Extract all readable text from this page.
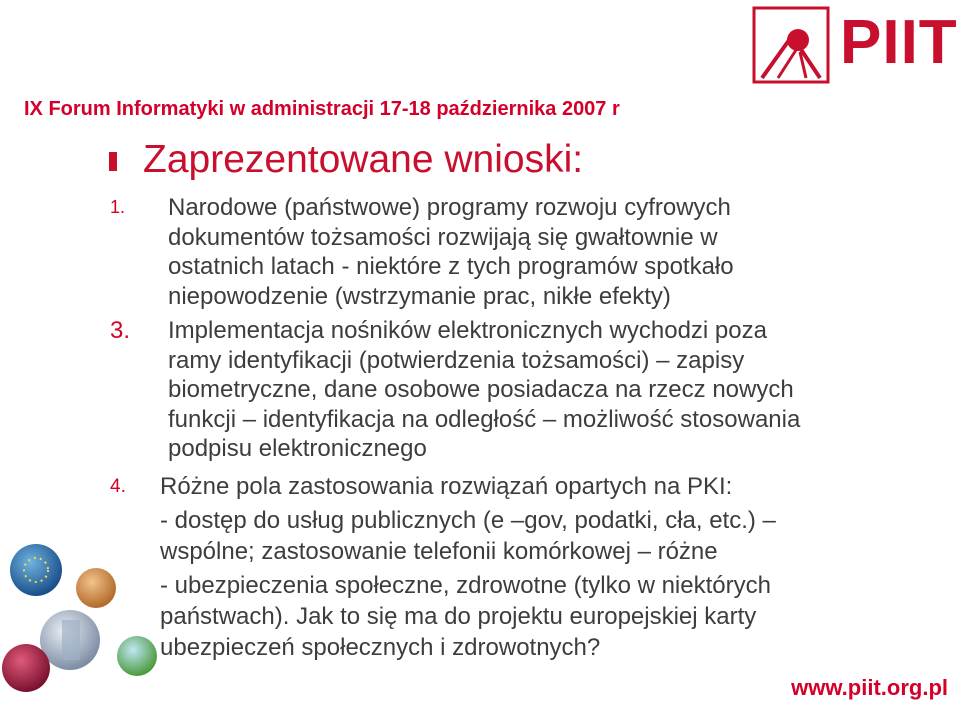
PIIT
IX Forum Informatyki w administracji 17-18 października 2007 r
Zaprezentowane wnioski:
1. Narodowe (państwowe) programy rozwoju cyfrowych
dokumentów tożsamości rozwijają się gwałtownie w
ostatnich latach - niektóre z tych programów spotkało
niepowodzenie (wstrzymanie prac, nikłe efekty)
3. Implementacja nośników elektronicznych wychodzi poza
ramy identyfikacji (potwierdzenia tożsamości) – zapisy
biometryczne, dane osobowe posiadacza na rzecz nowych
funkcji – identyfikacja na odległość – możliwość stosowania
podpisu elektronicznego
4. Różne pola zastosowania rozwiązań opartych na PKI:
- dostęp do usług publicznych (e –gov, podatki, cła, etc.) –
wspólne; zastosowanie telefonii komórkowej – różne
- ubezpieczenia społeczne, zdrowotne (tylko w niektórych
państwach). Jak to się ma do projektu europejskiej karty
ubezpieczeń społecznych i zdrowotnych?
www.piit.org.pl
